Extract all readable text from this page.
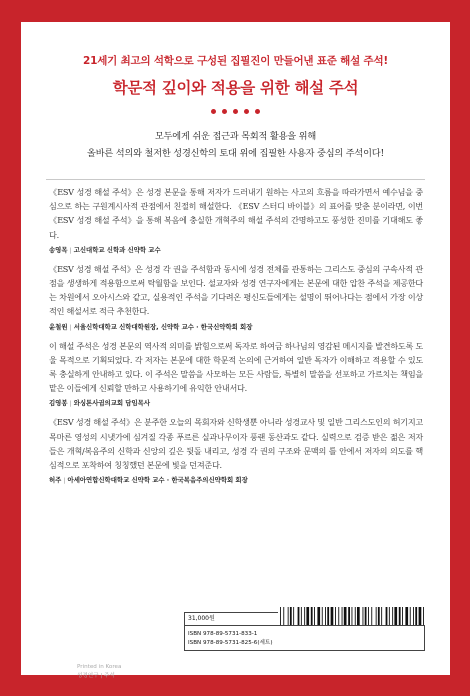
21세기 최고의 석학으로 구성된 집필진이 만들어낸 표준 해설 주석!
학문적 깊이와 적용을 위한 해설 주석
모두에게 쉬운 접근과 목회적 활용을 위해
올바른 석의와 철저한 성경신학의 토대 위에 집필한 사용자 중심의 주석이다!

《ESV 성경 해설 주석》은 성경 본문을 통해 저자가 드러내기 원하는 사고의 흐름을 따라가면서 예수님을 중심으로 하는 구원계시사적 관점에서 친절히 해설한다. 《ESV 스터디 바이블》의 표어를 맞춘 분이라면, 이번 《ESV 성경 해설 주석》을 통해 복음에 충실한 개혁주의 해설 주석의 간명하고도 풍성한 진미를 기대해도 좋다.

송영목 | 고신대학교 신학과 신약학 교수

《ESV 성경 해설 주석》은 성경 각 권을 주석함과 동시에 성경 전체를 관통하는 그리스도 중심의 구속사적 관점을 생생하게 적용함으로써 탁월함을 보인다. 설교자와 성경 연구자에게는 본문에 대한 압찬 주석을 제공한다는 차원에서 오아시스와 같고, 실용적인 주석을 기다려온 평신도들에게는 설명이 뛰어나다는 점에서 가장 이상적인 해설서로 적극 추천한다.

윤철원 | 서울신학대학교 신학대학원장, 신약학 교수 · 한국신약학회 회장

이 해설 주석은 성경 본문의 역사적 의미를 밝힘으로써 독자로 하여금 하나님의 영감된 메시지를 발견하도록 도울 목적으로 기획되었다. 각 저자는 본문에 대한 학문적 논의에 근거하여 일반 독자가 이해하고 적용할 수 있도록 충실하게 안내하고 있다. 이 주석은 말씀을 사모하는 모든 사람들, 특별히 말씀을 선포하고 가르치는 책임을 맡은 이들에게 신뢰할 만하고 사용하기에 유익한 안내서다.

김영봉 | 와싱톤사귐의교회 담임목사

《ESV 성경 해설 주석》은 분주한 오늘의 목회자와 신학생뿐 아니라 성경교사 및 일반 그리스도인의 허기지고 목마른 영성의 시냇가에 심겨질 각종 푸르른 실과나무이자 풍랜 동산과도 같다. 실력으로 검증 받은 젊은 저자들은 개혁/복음주의 신학과 신앙의 깊은 뒷돌 내리고, 성경 각 권의 구조와 문맥의 틀 안에서 저자의 의도를 핵심적으로 포착하여 칭칭했던 본문에 빛을 던져준다.

허주 | 아세아연합신학대학교 신약학 교수 · 한국복음주의신약학회 회장
31,000원
ISBN 978-89-5731-833-1
ISBN 978-89-5731-825-6(세트)
Printed in Korea
성경연구 | 주석
